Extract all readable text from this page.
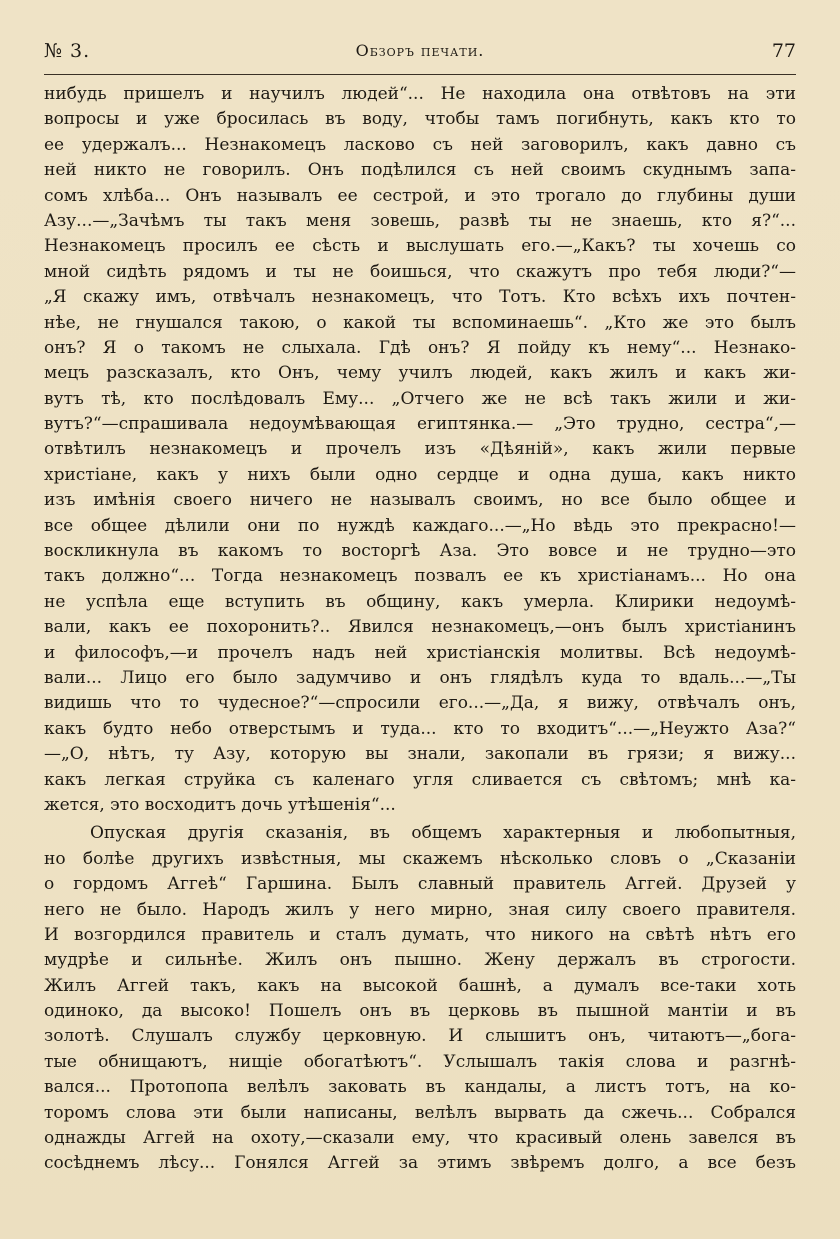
№ 3.	Обзоръ печати.	77
нибудь пришелъ и научилъ людей“... Не находила она отвѣтовъ на эти
вопросы и уже бросилась въ воду, чтобы тамъ погибнуть, какъ кто то
ее удержалъ... Незнакомецъ ласково съ ней заговорилъ, какъ давно съ
ней никто не говорилъ. Онъ подѣлился съ ней своимъ скуднымъ запа-
сомъ хлѣба... Онъ называлъ ее сестрой, и это трогало до глубины души
Азу...—„Зачѣмъ ты такъ меня зовешь, развѣ ты не знаешь, кто я?“...
Незнакомецъ просилъ ее сѣсть и выслушать его.—„Какъ? ты хочешь со
мной сидѣть рядомъ и ты не боишься, что скажутъ про тебя люди?“—
„Я скажу имъ, отвѣчалъ незнакомецъ, что Тотъ. Кто всѣхъ ихъ почтен-
нѣе, не гнушался такою, о какой ты вспоминаешь“. „Кто же это былъ
онъ? Я о такомъ не слыхала. Гдѣ онъ? Я пойду къ нему“... Незнако-
мецъ разсказалъ, кто Онъ, чему училъ людей, какъ жилъ и какъ жи-
вутъ тѣ, кто послѣдовалъ Ему... „Отчего же не всѣ такъ жили и жи-
вутъ?“—спрашивала недоумѣвающая египтянка.— „Это трудно, сестра“,—
отвѣтилъ незнакомецъ и прочелъ изъ «Дѣяній», какъ жили первые
христіане, какъ у нихъ были одно сердце и одна душа, какъ никто
изъ имѣнія своего ничего не называлъ своимъ, но все было общее и
все общее дѣлили они по нуждѣ каждаго...—„Но вѣдь это прекрасно!—
воскликнула въ какомъ то восторгѣ Аза. Это вовсе и не трудно—это
такъ должно“... Тогда незнакомецъ позвалъ ее къ христіанамъ... Но она
не успѣла еще вступить въ общину, какъ умерла. Клирики недоумѣ-
вали, какъ ее похоронить?.. Явился незнакомецъ,—онъ былъ христіанинъ
и философъ,—и прочелъ надъ ней христіанскія молитвы. Всѣ недоумѣ-
вали... Лицо его было задумчиво и онъ глядѣлъ куда то вдаль...—„Ты
видишь что то чудесное?“—спросили его...—„Да, я вижу, отвѣчалъ онъ,
какъ будто небо отверстымъ и туда... кто то входитъ“...—„Неужто Аза?“
—„О, нѣтъ, ту Азу, которую вы знали, закопали въ грязи; я вижу...
какъ легкая струйка съ каленаго угля сливается съ свѣтомъ; мнѣ ка-
жется, это восходитъ дочь утѣшенія“...
Опуская другія сказанія, въ общемъ характерныя и любопытныя,
но болѣе другихъ извѣстныя, мы скажемъ нѣсколько словъ о „Сказаніи
о гордомъ Аггеѣ“ Гаршина. Былъ славный правитель Аггей. Друзей у
него не было. Народъ жилъ у него мирно, зная силу своего правителя.
И возгордился правитель и сталъ думать, что никого на свѣтѣ нѣтъ его
мудрѣе и сильнѣе. Жилъ онъ пышно. Жену держалъ въ строгости.
Жилъ Аггей такъ, какъ на высокой башнѣ, а думалъ все-таки хоть
одиноко, да высоко! Пошелъ онъ въ церковь въ пышной мантіи и въ
золотѣ. Слушалъ службу церковную. И слышитъ онъ, читаютъ—„бога-
тые обнищаютъ, нищіе обогатѣютъ“. Услышалъ такія слова и разгнѣ-
вался... Протопопа велѣлъ заковать въ кандалы, а листъ тотъ, на ко-
торомъ слова эти были написаны, велѣлъ вырвать да сжечь... Собрался
однажды Аггей на охоту,—сказали ему, что красивый олень завелся въ
сосѣднемъ лѣсу... Гонялся Аггей за этимъ звѣремъ долго, а все безъ
